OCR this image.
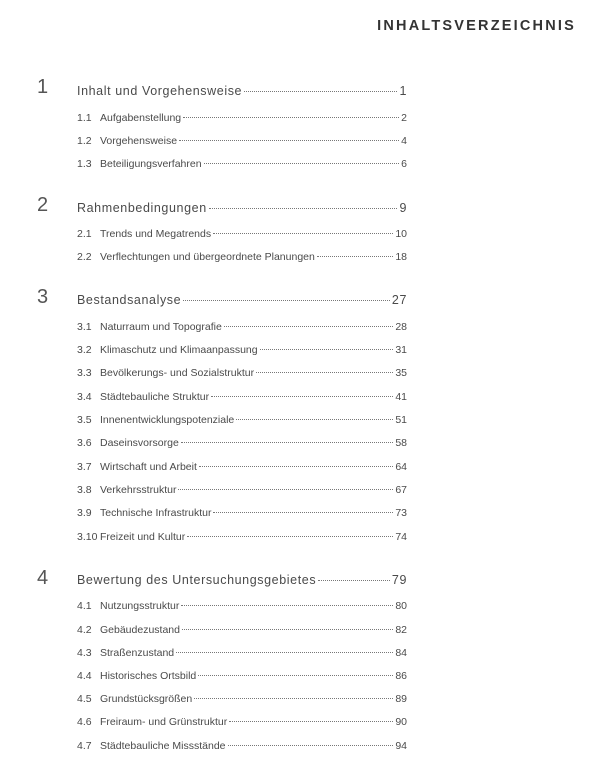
INHALTSVERZEICHNIS
1 Inhalt und Vorgehensweise	1
1.1 Aufgabenstellung	2
1.2 Vorgehensweise	4
1.3 Beteiligungsverfahren	6
2 Rahmenbedingungen	9
2.1 Trends und Megatrends	10
2.2 Verflechtungen und übergeordnete Planungen	18
3 Bestandsanalyse	27
3.1 Naturraum und Topografie	28
3.2 Klimaschutz und Klimaanpassung	31
3.3 Bevölkerungs- und Sozialstruktur	35
3.4 Städtebauliche Struktur	41
3.5 Innenentwicklungspotenziale	51
3.6 Daseinsvorsorge	58
3.7 Wirtschaft und Arbeit	64
3.8 Verkehrsstruktur	67
3.9 Technische Infrastruktur	73
3.10 Freizeit und Kultur	74
4 Bewertung des Untersuchungsgebietes	79
4.1 Nutzungsstruktur	80
4.2 Gebäudezustand	82
4.3 Straßenzustand	84
4.4 Historisches Ortsbild	86
4.5 Grundstücksgrößen	89
4.6 Freiraum- und Grünstruktur	90
4.7 Städtebauliche Missstände	94
